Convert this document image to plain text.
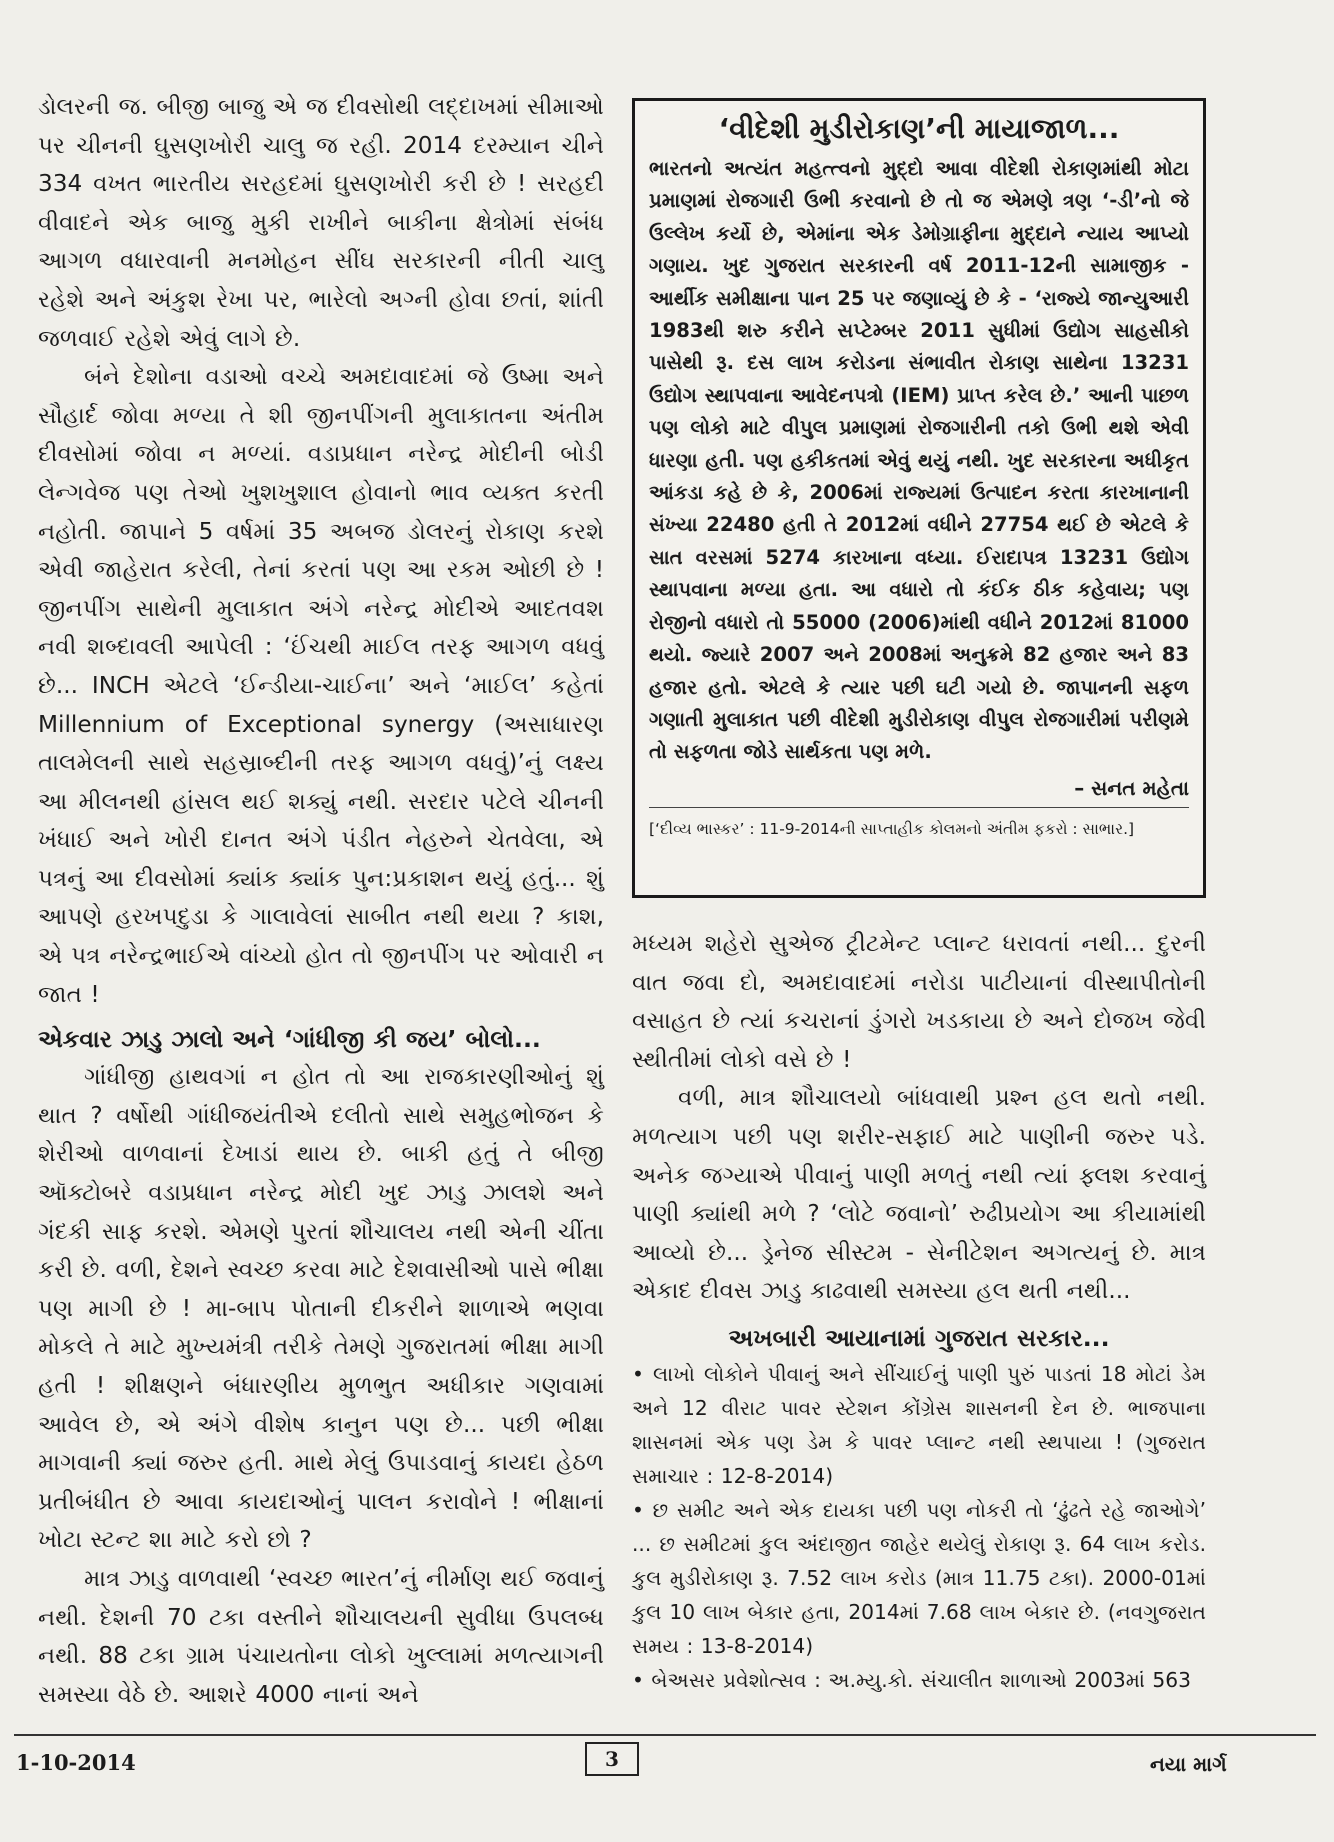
ડોલરની જ. બીજી બાજુ એ જ દીવસોથી લદ્દાખમાં સીમાઓ પર ચીનની ઘુસણખોરી ચાલુ જ રહી. 2014 દરમ્યાન ચીને 334 વખત ભારતીય સરહદમાં ઘુસણખોરી કરી છે ! સરહદી વીવાદને એક બાજુ મુકી રાખીને બાકીના ક્ષેત્રોમાં સંબંધ આગળ વધારવાની મનમોહન સીંઘ સરકારની નીતી ચાલુ રહેશે અને અંકુશ રેખા પર, ભારેલો અગ્ની હોવા છતાં, શાંતી જળવાઈ રહેશે એવું લાગે છે.

બંને દેશોના વડાઓ વચ્ચે અમદાવાદમાં જે ઉષ્મા અને સૌહાર્દ જોવા મળ્યા તે શી જીનપીંગની મુલાકાતના અંતીમ દીવસોમાં જોવા ન મળ્યાં. વડાપ્રધાન નરેન્દ્ર મોદીની બોડી લેન્ગવેજ પણ તેઓ ખુશખુશાલ હોવાનો ભાવ વ્યક્ત કરતી નહોતી. જાપાને 5 વર્ષમાં 35 અબજ ડોલરનું રોકાણ કરશે એવી જાહેરાત કરેલી, તેનાં કરતાં પણ આ રકમ ઓછી છે ! જીનપીંગ સાથેની મુલાકાત અંગે નરેન્દ્ર મોદીએ આદતવશ નવી શબ્દાવલી આપેલી : ‘ઈંચથી માઈલ તરફ આગળ વધવું છે... INCH એટલે ‘ઈન્ડીયા-ચાઈના’ અને ‘માઈલ’ કહેતાં Millennium of Exceptional synergy (અસાધારણ તાલમેલની સાથે સહસ્રાબ્દીની તરફ આગળ વધવું)’નું લક્ષ્ય આ મીલનથી હાંસલ થઈ શક્યું નથી. સરદાર પટેલે ચીનની ખંધાઈ અને ખોરી દાનત અંગે પંડીત નેહરુને ચેતવેલા, એ પત્રનું આ દીવસોમાં ક્યાંક ક્યાંક પુન:પ્રકાશન થયું હતું... શું આપણે હરખપદુડા કે ગાલાવેલાં સાબીત નથી થયા ? કાશ, એ પત્ર નરેન્દ્રભાઈએ વાંચ્યો હોત તો જીનપીંગ પર ઓવારી ન જાત !

એકવાર ઝાડુ ઝાલો અને ‘ગાંધીજી કી જય’ બોલો...

ગાંધીજી હાથવગાં ન હોત તો આ રાજકારણીઓનું શું થાત ? વર્ષોથી ગાંધીજયંતીએ દલીતો સાથે સમુહભોજન કે શેરીઓ વાળવાનાં દેખાડાં થાય છે. બાકી હતું તે બીજી ઑક્ટોબરે વડાપ્રધાન નરેન્દ્ર મોદી ખુદ ઝાડુ ઝાલશે અને ગંદકી સાફ કરશે. એમણે પુરતાં શૌચાલય નથી એની ચીંતા કરી છે. વળી, દેશને સ્વચ્છ કરવા માટે દેશવાસીઓ પાસે ભીક્ષા પણ માગી છે ! મા-બાપ પોતાની દીકરીને શાળાએ ભણવા મોકલે તે માટે મુખ્યમંત્રી તરીકે તેમણે ગુજરાતમાં ભીક્ષા માગી હતી ! શીક્ષણને બંધારણીય મુળભુત અધીકાર ગણવામાં આવેલ છે, એ અંગે વીશેષ કાનુન પણ છે... પછી ભીક્ષા માગવાની ક્યાં જરુર હતી. માથે મેલું ઉપાડવાનું કાયદા હેઠળ પ્રતીબંધીત છે આવા કાયદાઓનું પાલન કરાવોને ! ભીક્ષાનાં ખોટા સ્ટન્ટ શા માટે કરો છો ?

માત્ર ઝાડુ વાળવાથી ‘સ્વચ્છ ભારત’નું નીર્માણ થઈ જવાનું નથી. દેશની 70 ટકા વસ્તીને શૌચાલયની સુવીધા ઉપલબ્ધ નથી. 88 ટકા ગ્રામ પંચાયતોના લોકો ખુલ્લામાં મળત્યાગની સમસ્યા વેઠે છે. આશરે 4000 નાનાં અને

‘વીદેશી મુડીરોકાણ’ની માયાજાળ...

ભારતનો અત્યંત મહત્ત્વનો મુદ્દો આવા વીદેશી રોકાણમાંથી મોટા પ્રમાણમાં રોજગારી ઉભી કરવાનો છે તો જ એમણે ત્રણ ‘-ડી’નો જે ઉલ્લેખ કર્યો છે, એમાંના એક ડેમોગ્રાફીના મુદ્દાને ન્યાય આપ્યો ગણાય. ખુદ ગુજરાત સરકારની વર્ષ 2011-12ની સામાજીક - આર્થીક સમીક્ષાના પાન 25 પર જણાવ્યું છે કે - ‘રાજ્યે જાન્યુઆરી 1983થી શરુ કરીને સપ્ટેમ્બર 2011 સુધીમાં ઉદ્યોગ સાહસીકો પાસેથી રૂ. દસ લાખ કરોડના સંભાવીત રોકાણ સાથેના 13231 ઉદ્યોગ સ્થાપવાના આવેદનપત્રો (IEM) પ્રાપ્ત કરેલ છે.’ આની પાછળ પણ લોકો માટે વીપુલ પ્રમાણમાં રોજગારીની તકો ઉભી થશે એવી ધારણા હતી. પણ હકીકતમાં એવું થયું નથી. ખુદ સરકારના અધીકૃત આંકડા કહે છે કે, 2006માં રાજ્યમાં ઉત્પાદન કરતા કારખાનાની સંખ્યા 22480 હતી તે 2012માં વધીને 27754 થઈ છે એટલે કે સાત વરસમાં 5274 કારખાના વધ્યા. ઈરાદાપત્ર 13231 ઉદ્યોગ સ્થાપવાના મળ્યા હતા. આ વધારો તો કંઈક ઠીક કહેવાય; પણ રોજીનો વધારો તો 55000 (2006)માંથી વધીને 2012માં 81000 થયો. જ્યારે 2007 અને 2008માં અનુક્રમે 82 હજાર અને 83 હજાર હતો. એટલે કે ત્યાર પછી ઘટી ગયો છે. જાપાનની સફળ ગણાતી મુલાકાત પછી વીદેશી મુડીરોકાણ વીપુલ રોજગારીમાં પરીણમે તો સફળતા જોડે સાર્થકતા પણ મળે.

– સનત મહેતા
[‘દીવ્ય ભાસ્કર’ : 11-9-2014ની સાપ્તાહીક કોલમનો અંતીમ ફકરો : સાભાર.]

મધ્યમ શહેરો સુએજ ટ્રીટમેન્ટ પ્લાન્ટ ધરાવતાં નથી... દુરની વાત જવા દો, અમદાવાદમાં નરોડા પાટીયાનાં વીસ્થાપીતોની વસાહત છે ત્યાં કચરાનાં ડુંગરો ખડકાયા છે અને દોજખ જેવી સ્થીતીમાં લોકો વસે છે !

વળી, માત્ર શૌચાલયો બાંધવાથી પ્રશ્ન હલ થતો નથી. મળત્યાગ પછી પણ શરીર-સફાઈ માટે પાણીની જરુર પડે. અનેક જગ્યાએ પીવાનું પાણી મળતું નથી ત્યાં ફ્લશ કરવાનું પાણી ક્યાંથી મળે ? ‘લોટે જવાનો’ રુઢીપ્રયોગ આ કીયામાંથી આવ્યો છે... ડ્રેનેજ સીસ્ટમ - સેનીટેશન અગત્યનું છે. માત્ર એકાદ દીવસ ઝાડુ કાઢવાથી સમસ્યા હલ થતી નથી...

અખબારી આયાનામાં ગુજરાત સરકાર...

• લાખો લોકોને પીવાનું અને સીંચાઈનું પાણી પુરું પાડતાં 18 મોટાં ડેમ અને 12 વીરાટ પાવર સ્ટેશન કોંગ્રેસ શાસનની દેન છે. ભાજપાના શાસનમાં એક પણ ડેમ કે પાવર પ્લાન્ટ નથી સ્થપાયા ! (ગુજરાત સમાચાર : 12-8-2014)

• છ સમીટ અને એક દાયકા પછી પણ નોકરી તો ‘ઢુંઢતે રહે જાઓગે’ ... છ સમીટમાં કુલ અંદાજીત જાહેર થયેલું રોકાણ રૂ. 64 લાખ કરોડ. કુલ મુડીરોકાણ રૂ. 7.52 લાખ કરોડ (માત્ર 11.75 ટકા). 2000-01માં કુલ 10 લાખ બેકાર હતા, 2014માં 7.68 લાખ બેકાર છે. (નવગુજરાત સમય : 13-8-2014)

• બેઅસર પ્રવેશોત્સવ : અ.મ્યુ.કો. સંચાલીત શાળાઓ 2003માં 563

1-10-2014	3	નયા માર્ગ
